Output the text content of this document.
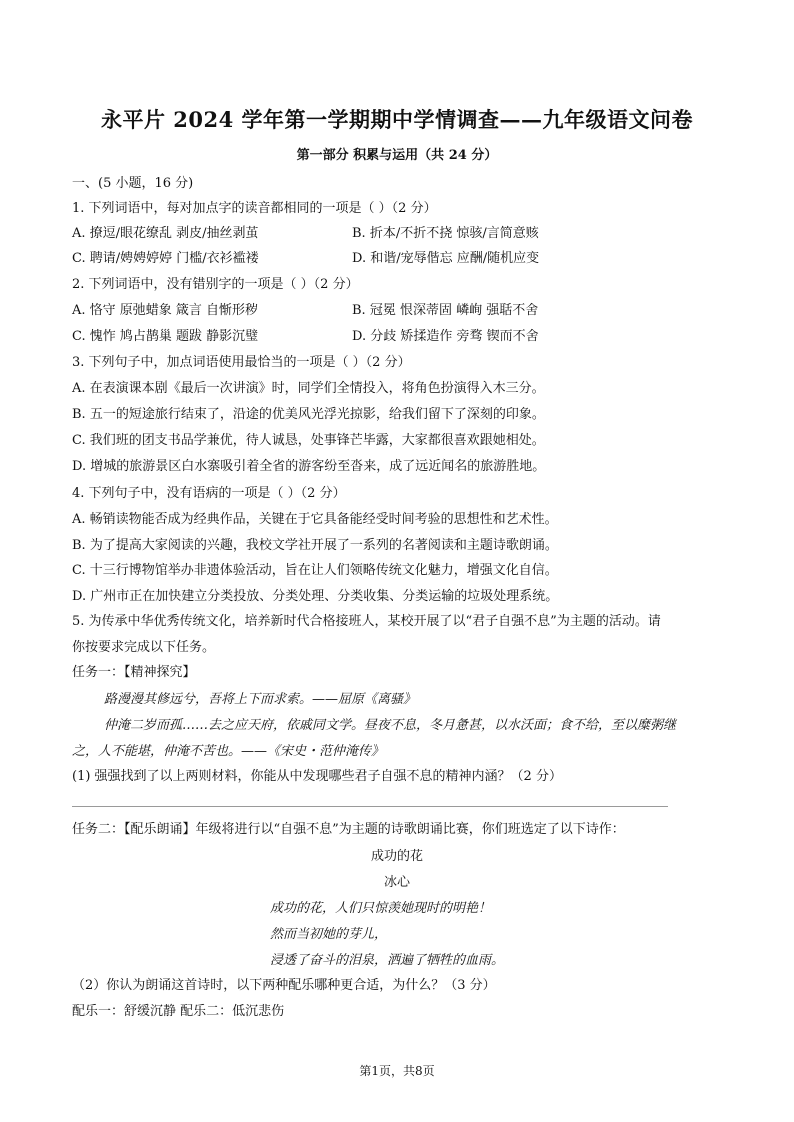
永平片 2024 学年第一学期期中学情调查——九年级语文问卷
第一部分 积累与运用（共 24 分）
一、(5 小题，16 分)
1. 下列词语中，每对加点字的读音都相同的一项是（ ）（2 分）
A. 撩逗/眼花缭乱 剥皮/抽丝剥茧	B. 折本/不折不挠 惊骇/言简意赅
C. 聘请/娉娉婷婷 门槛/衣衫褴褛	D. 和谐/宠辱偕忘 应酬/随机应变
2. 下列词语中，没有错别字的一项是（ ）（2 分）
A. 恪守 原弛蜡象 箴言 自惭形秽	B. 冠冕 恨深蒂固 嶙峋 强聒不舍
C. 愧怍 鸠占鹊巢 题跋 静影沉璧	D. 分歧 矫揉造作 旁骛 锲而不舍
3. 下列句子中，加点词语使用最恰当的一项是（ ）（2 分）
A. 在表演课本剧《最后一次讲演》时，同学们全情投入，将角色扮演得入木三分。
B. 五一的短途旅行结束了，沿途的优美风光浮光掠影，给我们留下了深刻的印象。
C. 我们班的团支书品学兼优，待人诚恳，处事锋芒毕露，大家都很喜欢跟她相处。
D. 增城的旅游景区白水寨吸引着全省的游客纷至沓来，成了远近闻名的旅游胜地。
4. 下列句子中，没有语病的一项是（ ）（2 分）
A. 畅销读物能否成为经典作品，关键在于它具备能经受时间考验的思想性和艺术性。
B. 为了提高大家阅读的兴趣，我校文学社开展了一系列的名著阅读和主题诗歌朗诵。
C. 十三行博物馆举办非遗体验活动，旨在让人们领略传统文化魅力，增强文化自信。
D. 广州市正在加快建立分类投放、分类处理、分类收集、分类运输的垃圾处理系统。
5. 为传承中华优秀传统文化，培养新时代合格接班人，某校开展了以“君子自强不息”为主题的活动。请
你按要求完成以下任务。
任务一：【精神探究】
路漫漫其修远兮，吾将上下而求索。——屈原《离骚》
仲淹二岁而孤……去之应天府，依戚同文学。昼夜不息，冬月惫甚，以水沃面；食不给，至以糜粥继
之，人不能堪，仲淹不苦也。——《宋史・范仲淹传》
(1) 强强找到了以上两则材料，你能从中发现哪些君子自强不息的精神内涵？（2 分）
任务二：【配乐朗诵】年级将进行以“自强不息”为主题的诗歌朗诵比赛，你们班选定了以下诗作：
成功的花
冰心
成功的花，人们只惊羡她现时的明艳！
然而当初她的芽儿，
浸透了奋斗的泪泉，洒遍了牺牲的血雨。
（2）你认为朗诵这首诗时，以下两种配乐哪种更合适，为什么？（3 分）
配乐一：舒缓沉静 配乐二：低沉悲伤
第1页，共8页
